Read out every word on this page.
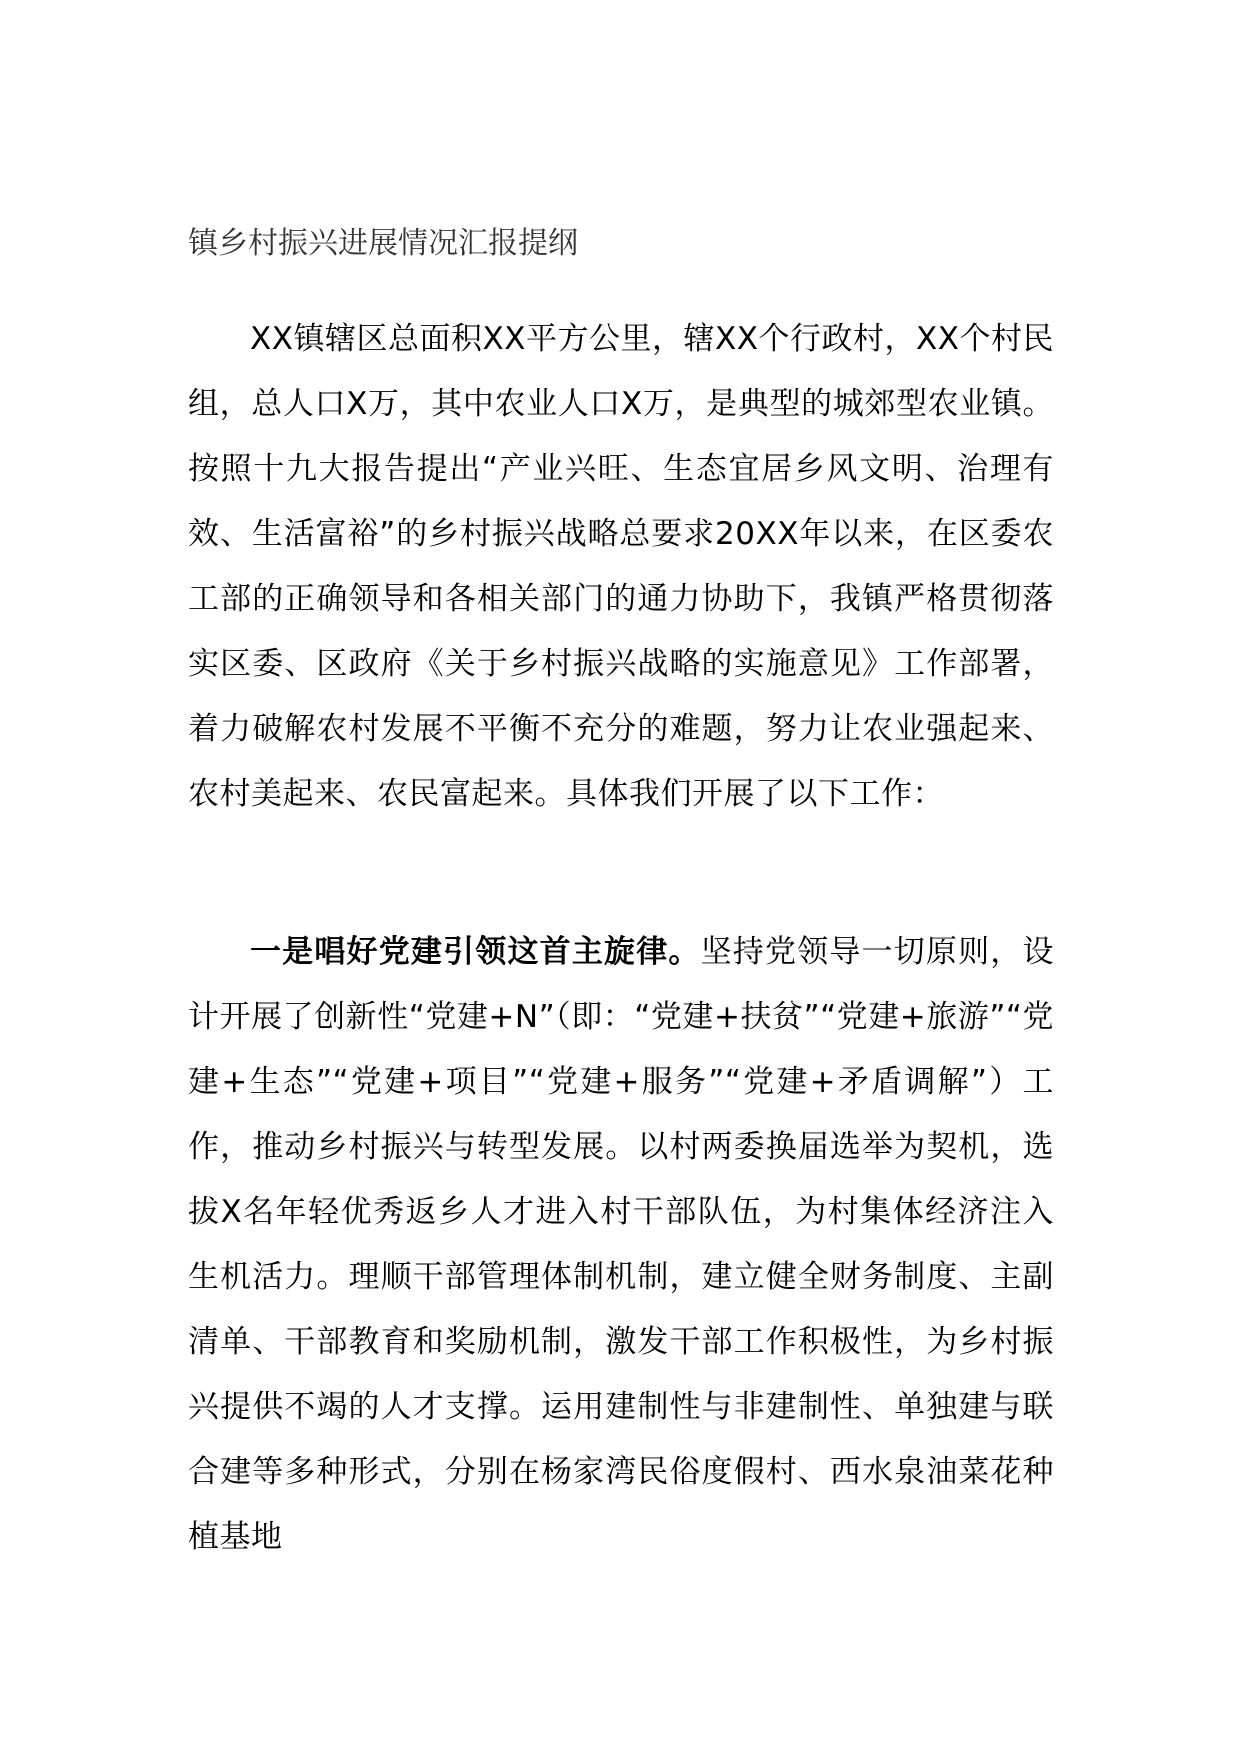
镇乡村振兴进展情况汇报提纲

XX镇辖区总面积XX平方公里，辖XX个行政村，XX个村民组，总人口X万，其中农业人口X万，是典型的城郊型农业镇。按照十九大报告提出“产业兴旺、生态宜居乡风文明、治理有效、生活富裕”的乡村振兴战略总要求20XX年以来，在区委农工部的正确领导和各相关部门的通力协助下，我镇严格贯彻落实区委、区政府《关于乡村振兴战略的实施意见》工作部署，着力破解农村发展不平衡不充分的难题，努力让农业强起来、农村美起来、农民富起来。具体我们开展了以下工作：

一是唱好党建引领这首主旋律。坚持党领导一切原则，设计开展了创新性“党建+N”（即：“党建+扶贫”“党建+旅游”“党建+生态”“党建+项目”“党建+服务”“党建+矛盾调解”）工作，推动乡村振兴与转型发展。以村两委换届选举为契机，选拔X名年轻优秀返乡人才进入村干部队伍，为村集体经济注入生机活力。理顺干部管理体制机制，建立健全财务制度、主副清单、干部教育和奖励机制，激发干部工作积极性，为乡村振兴提供不竭的人才支撑。运用建制性与非建制性、单独建与联合建等多种形式，分别在杨家湾民俗度假村、西水泉油菜花种植基地
